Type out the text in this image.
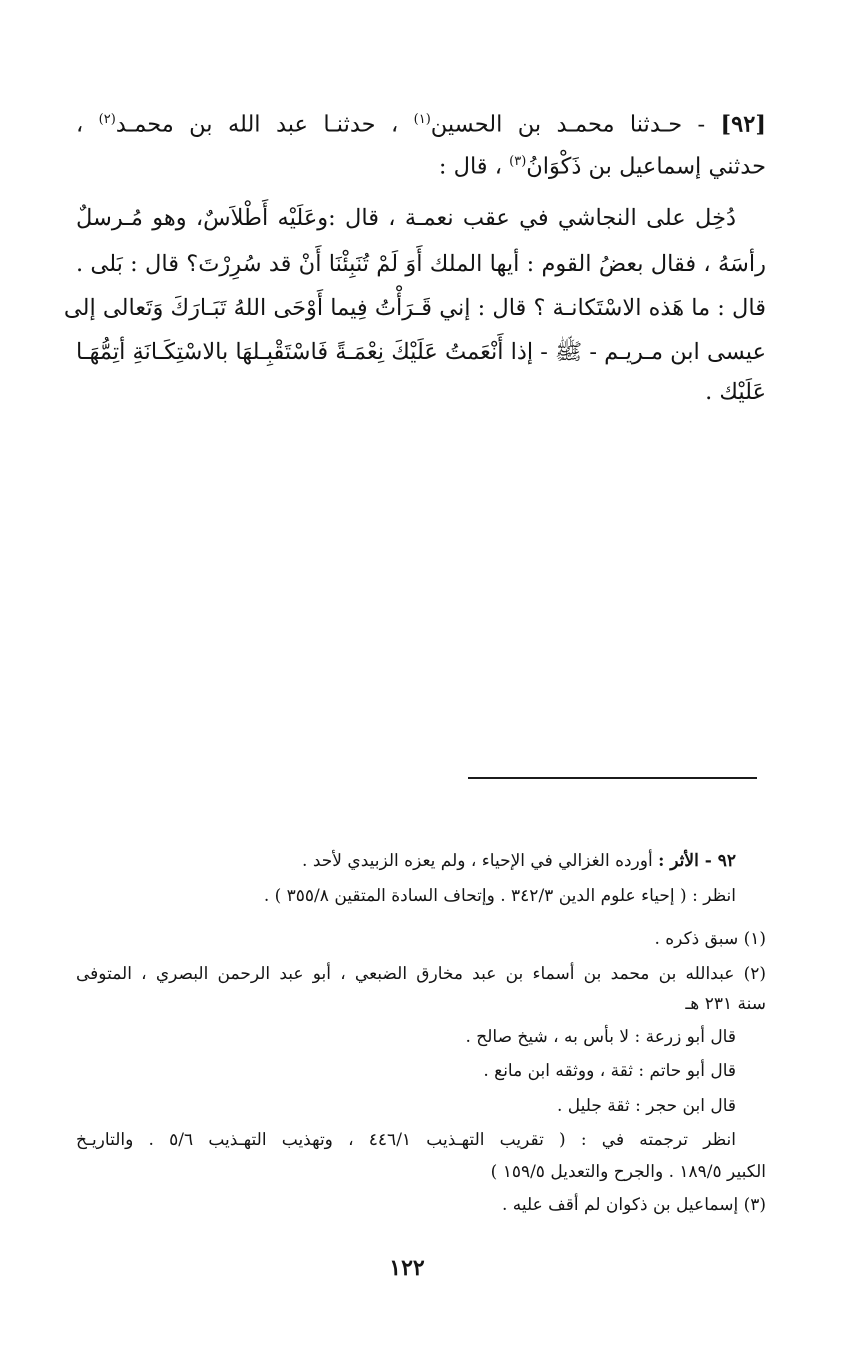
[٩٢] - حـدثنا محمـد بن الحسين$^{(١)}$ ، حدثنـا عبد الله بن محمـد$^{(٢)}$ ،
حدثني إسماعيل بن ذَكْوَانُ$^{(٣)}$ ، قال :
دُخِل على النجاشي في عقب نعمـة ، قال :وعَلَيْه أَطْلاَسٌ، وهو مُـرسلٌ
رأسَهُ ، فقال بعضُ القوم : أيها الملك أَوَ لَمْ تُنَبِئْنَا أَنْ قد سُرِرْتَ؟ قال : بَلى .
قال : ما هَذه الاسْتَكانـة ؟ قال : إني قَـرَأْتُ فِيما أَوْحَى اللهُ تَبَـارَكَ وَتَعالى إلى
عيسى ابن مـريـم - ﷺ - إذا أَنْعَمتُ عَلَيْكَ نِعْمَـةً فَاسْتَقْبِـلهَا بالاسْتِكَـانَةِ أتِمُّهَـا
عَلَيْك .
٩٢ - الأثر : أورده الغزالي في الإحياء ، ولم يعزه الزبيدي لأحد .
انظر : ( إحياء علوم الدين ٣٤٢/٣ . وإتحاف السادة المتقين ٣٥٥/٨ ) .
(١) سبق ذكره .
(٢) عبدالله بن محمد بن أسماء بن عبد مخارق الضبعي ، أبو عبد الرحمن البصري ، المتوفى
سنة ٢٣١ هـ
قال أبو زرعة : لا بأس به ، شيخ صالح .
قال أبو حاتم : ثقة ، ووثقه ابن مانع .
قال ابن حجر : ثقة جليل .
انظر ترجمته في : ( تقريب التهـذيب ٤٤٦/١ ، وتهذيب التهـذيب ٥/٦ . والتاريـخ
الكبير ١٨٩/٥ . والجرح والتعديل ١٥٩/٥ )
(٣) إسماعيل بن ذكوان لم أقف عليه .
١٢٢
